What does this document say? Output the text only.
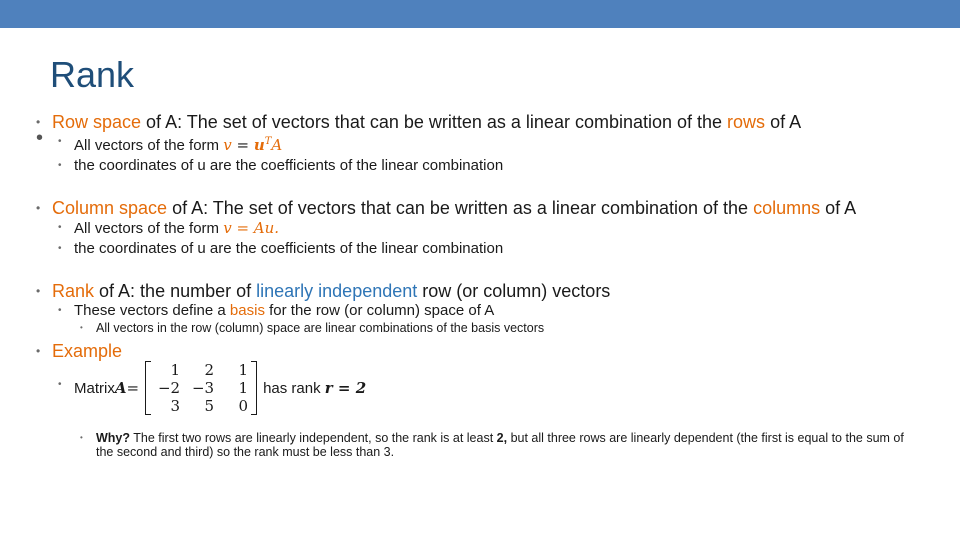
Rank
•
• Row space of A: The set of vectors that can be written as a linear combination of the rows of A
• All vectors of the form $v = u^TA$
• the coordinates of u are the coefficients of the linear combination
• Column space of A: The set of vectors that can be written as a linear combination of the columns of A
• All vectors of the form v = Au.
• the coordinates of u are the coefficients of the linear combination
• Rank of A: the number of linearly independent row (or column) vectors
• These vectors define a basis for the row (or column) space of A
• All vectors in the row (column) space are linear combinations of the basis vectors
• Example
• Matrix A =
1	2	1
−2 −3	1
3	5	0
has rank
r = 2
• Why? The first two rows are linearly independent, so the rank is at least 2, but all three rows are linearly dependent (the first is equal to the sum of the second and third) so the rank must be less than 3.
